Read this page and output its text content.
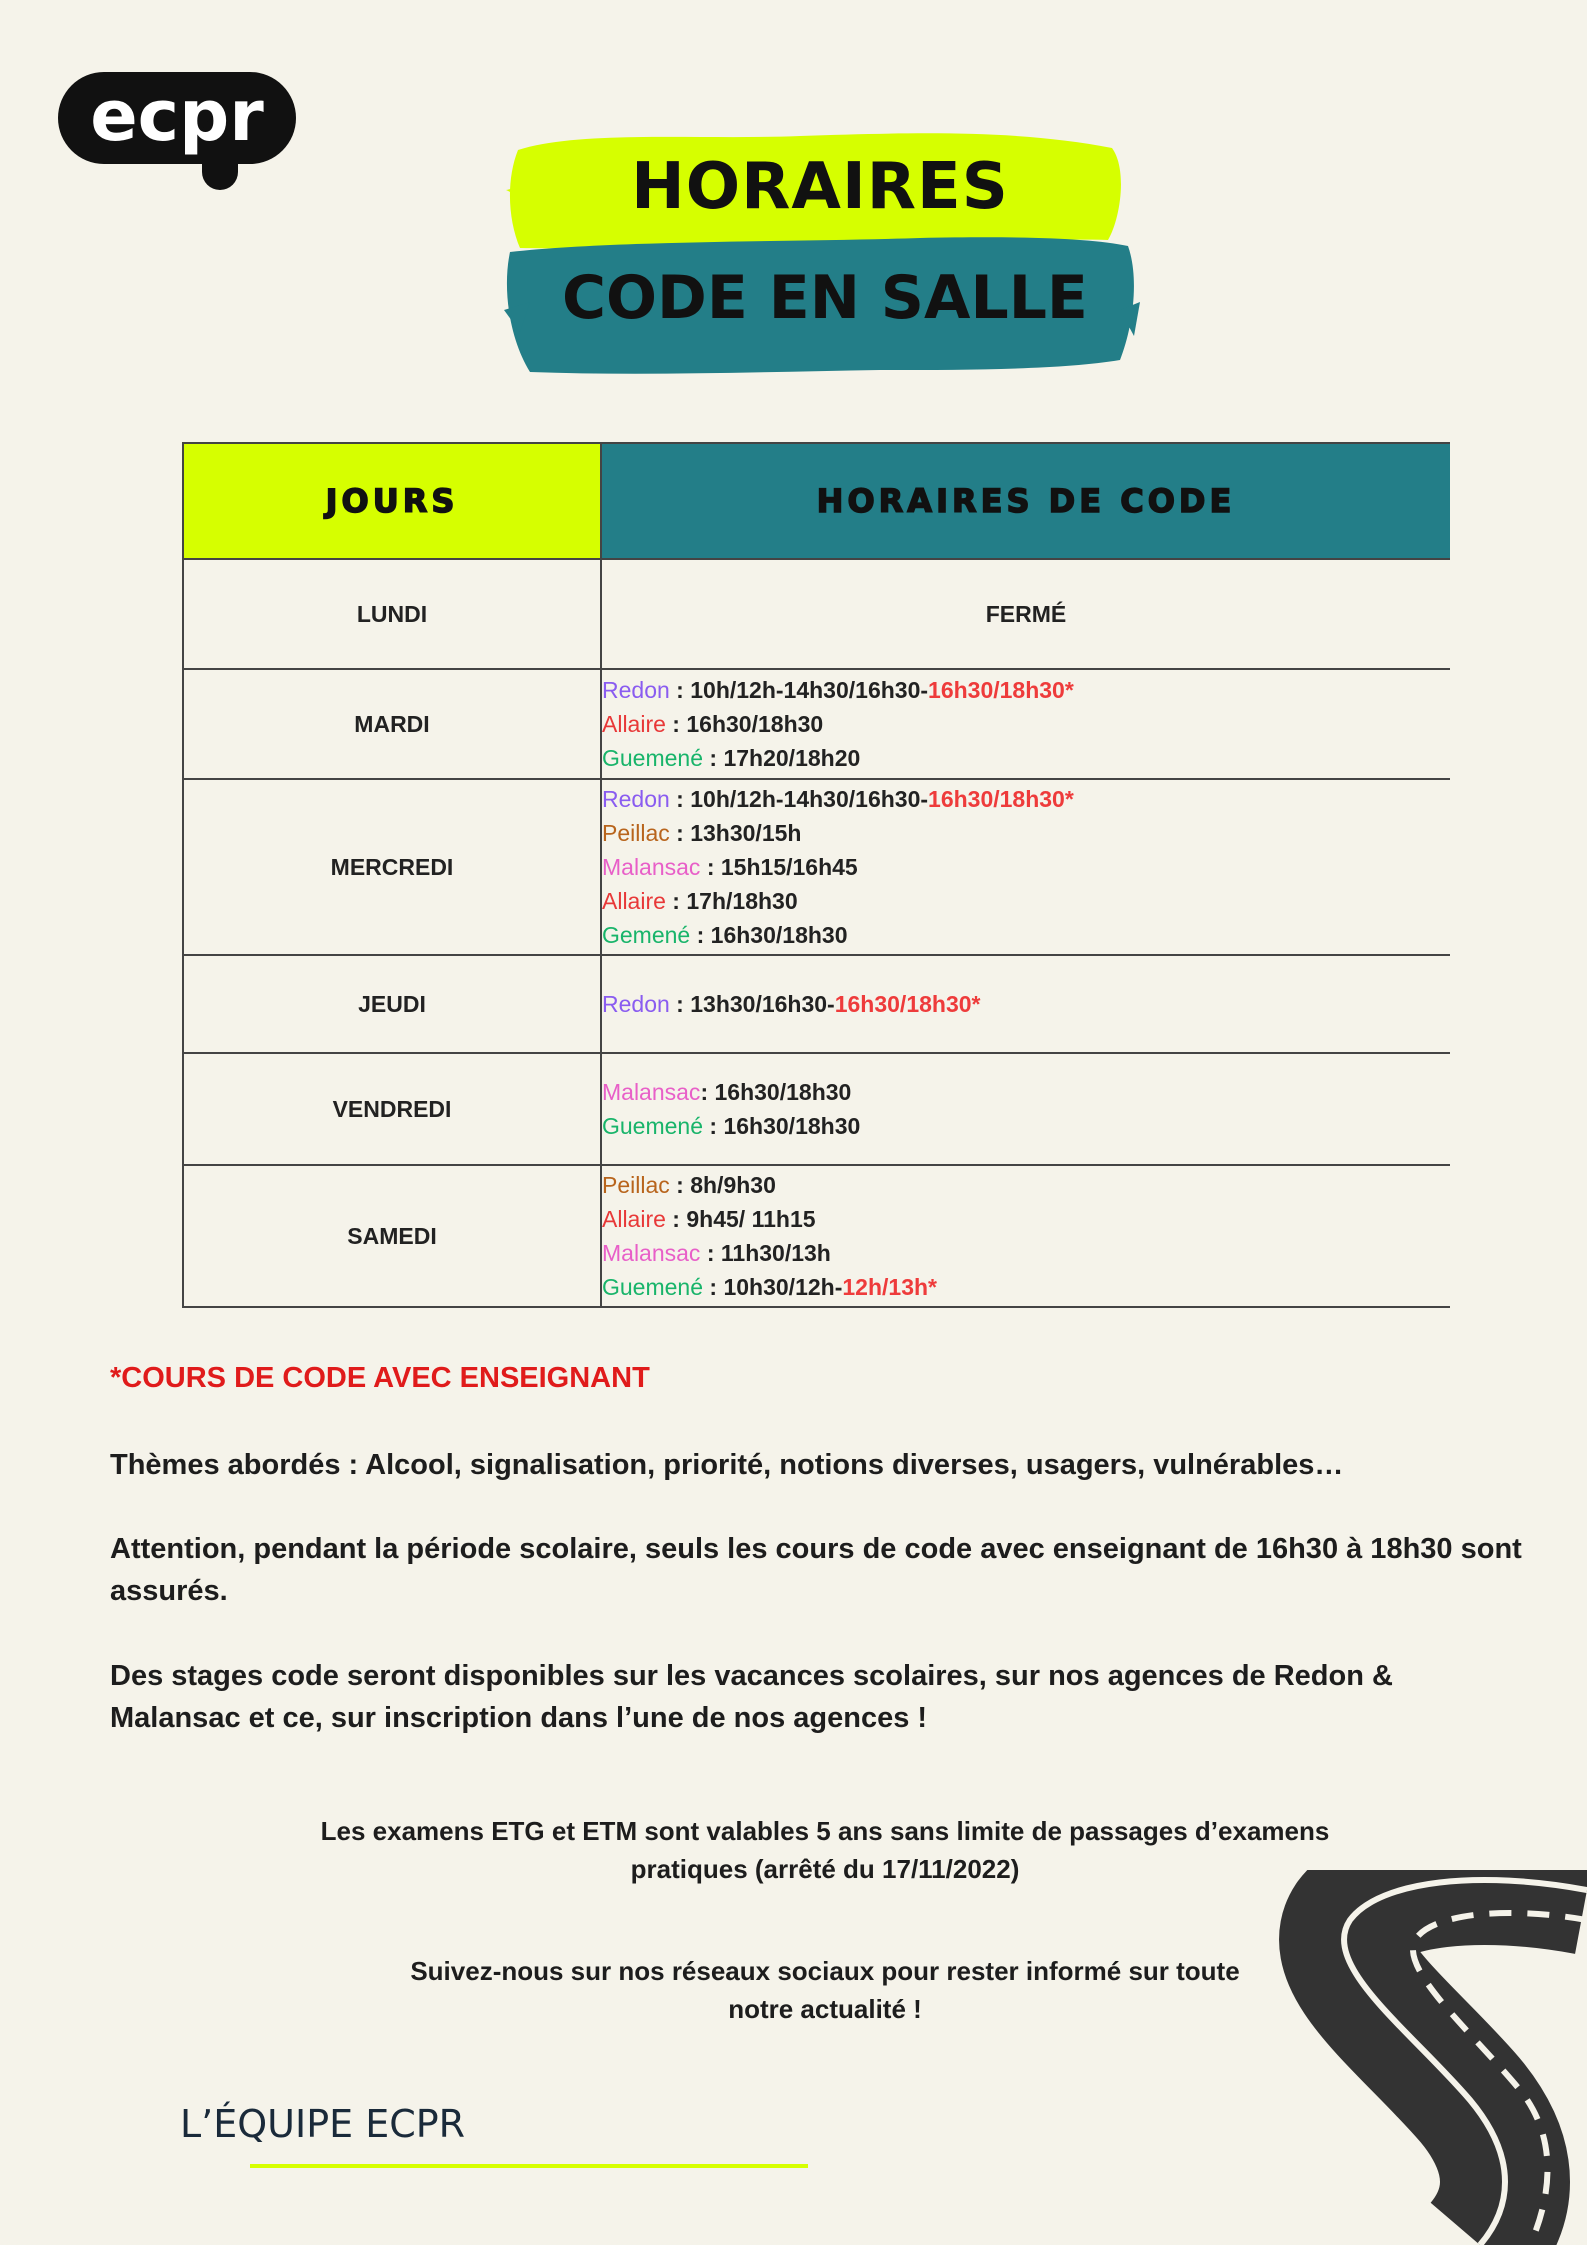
ecpr
HORAIRES
CODE EN SALLE
JOURS	HORAIRES DE CODE
LUNDI	FERMÉ
MARDI	Redon : 10h/12h-14h30/16h30-16h30/18h30*
Allaire : 16h30/18h30
Guemené : 17h20/18h20

MERCREDI	Redon : 10h/12h-14h30/16h30-16h30/18h30*
Peillac : 13h30/15h
Malansac : 15h15/16h45
Allaire : 17h/18h30
Gemené : 16h30/18h30

JEUDI	Redon : 13h30/16h30-16h30/18h30*

VENDREDI	Malansac: 16h30/18h30
Guemené : 16h30/18h30

SAMEDI	Peillac : 8h/9h30
Allaire : 9h45/ 11h15
Malansac : 11h30/13h
Guemené : 10h30/12h-12h/13h*
*COURS DE CODE AVEC ENSEIGNANT
Thèmes abordés : Alcool, signalisation, priorité, notions diverses, usagers, vulnérables…
Attention, pendant la période scolaire, seuls les cours de code avec enseignant de 16h30 à 18h30 sont assurés.
Des stages code seront disponibles sur les vacances scolaires, sur nos agences de Redon & Malansac et ce, sur inscription dans l’une de nos agences !
Les examens ETG et ETM sont valables 5 ans sans limite de passages d’examens pratiques (arrêté du 17/11/2022)
Suivez-nous sur nos réseaux sociaux pour rester informé sur toute notre actualité !
L’ÉQUIPE ECPR
